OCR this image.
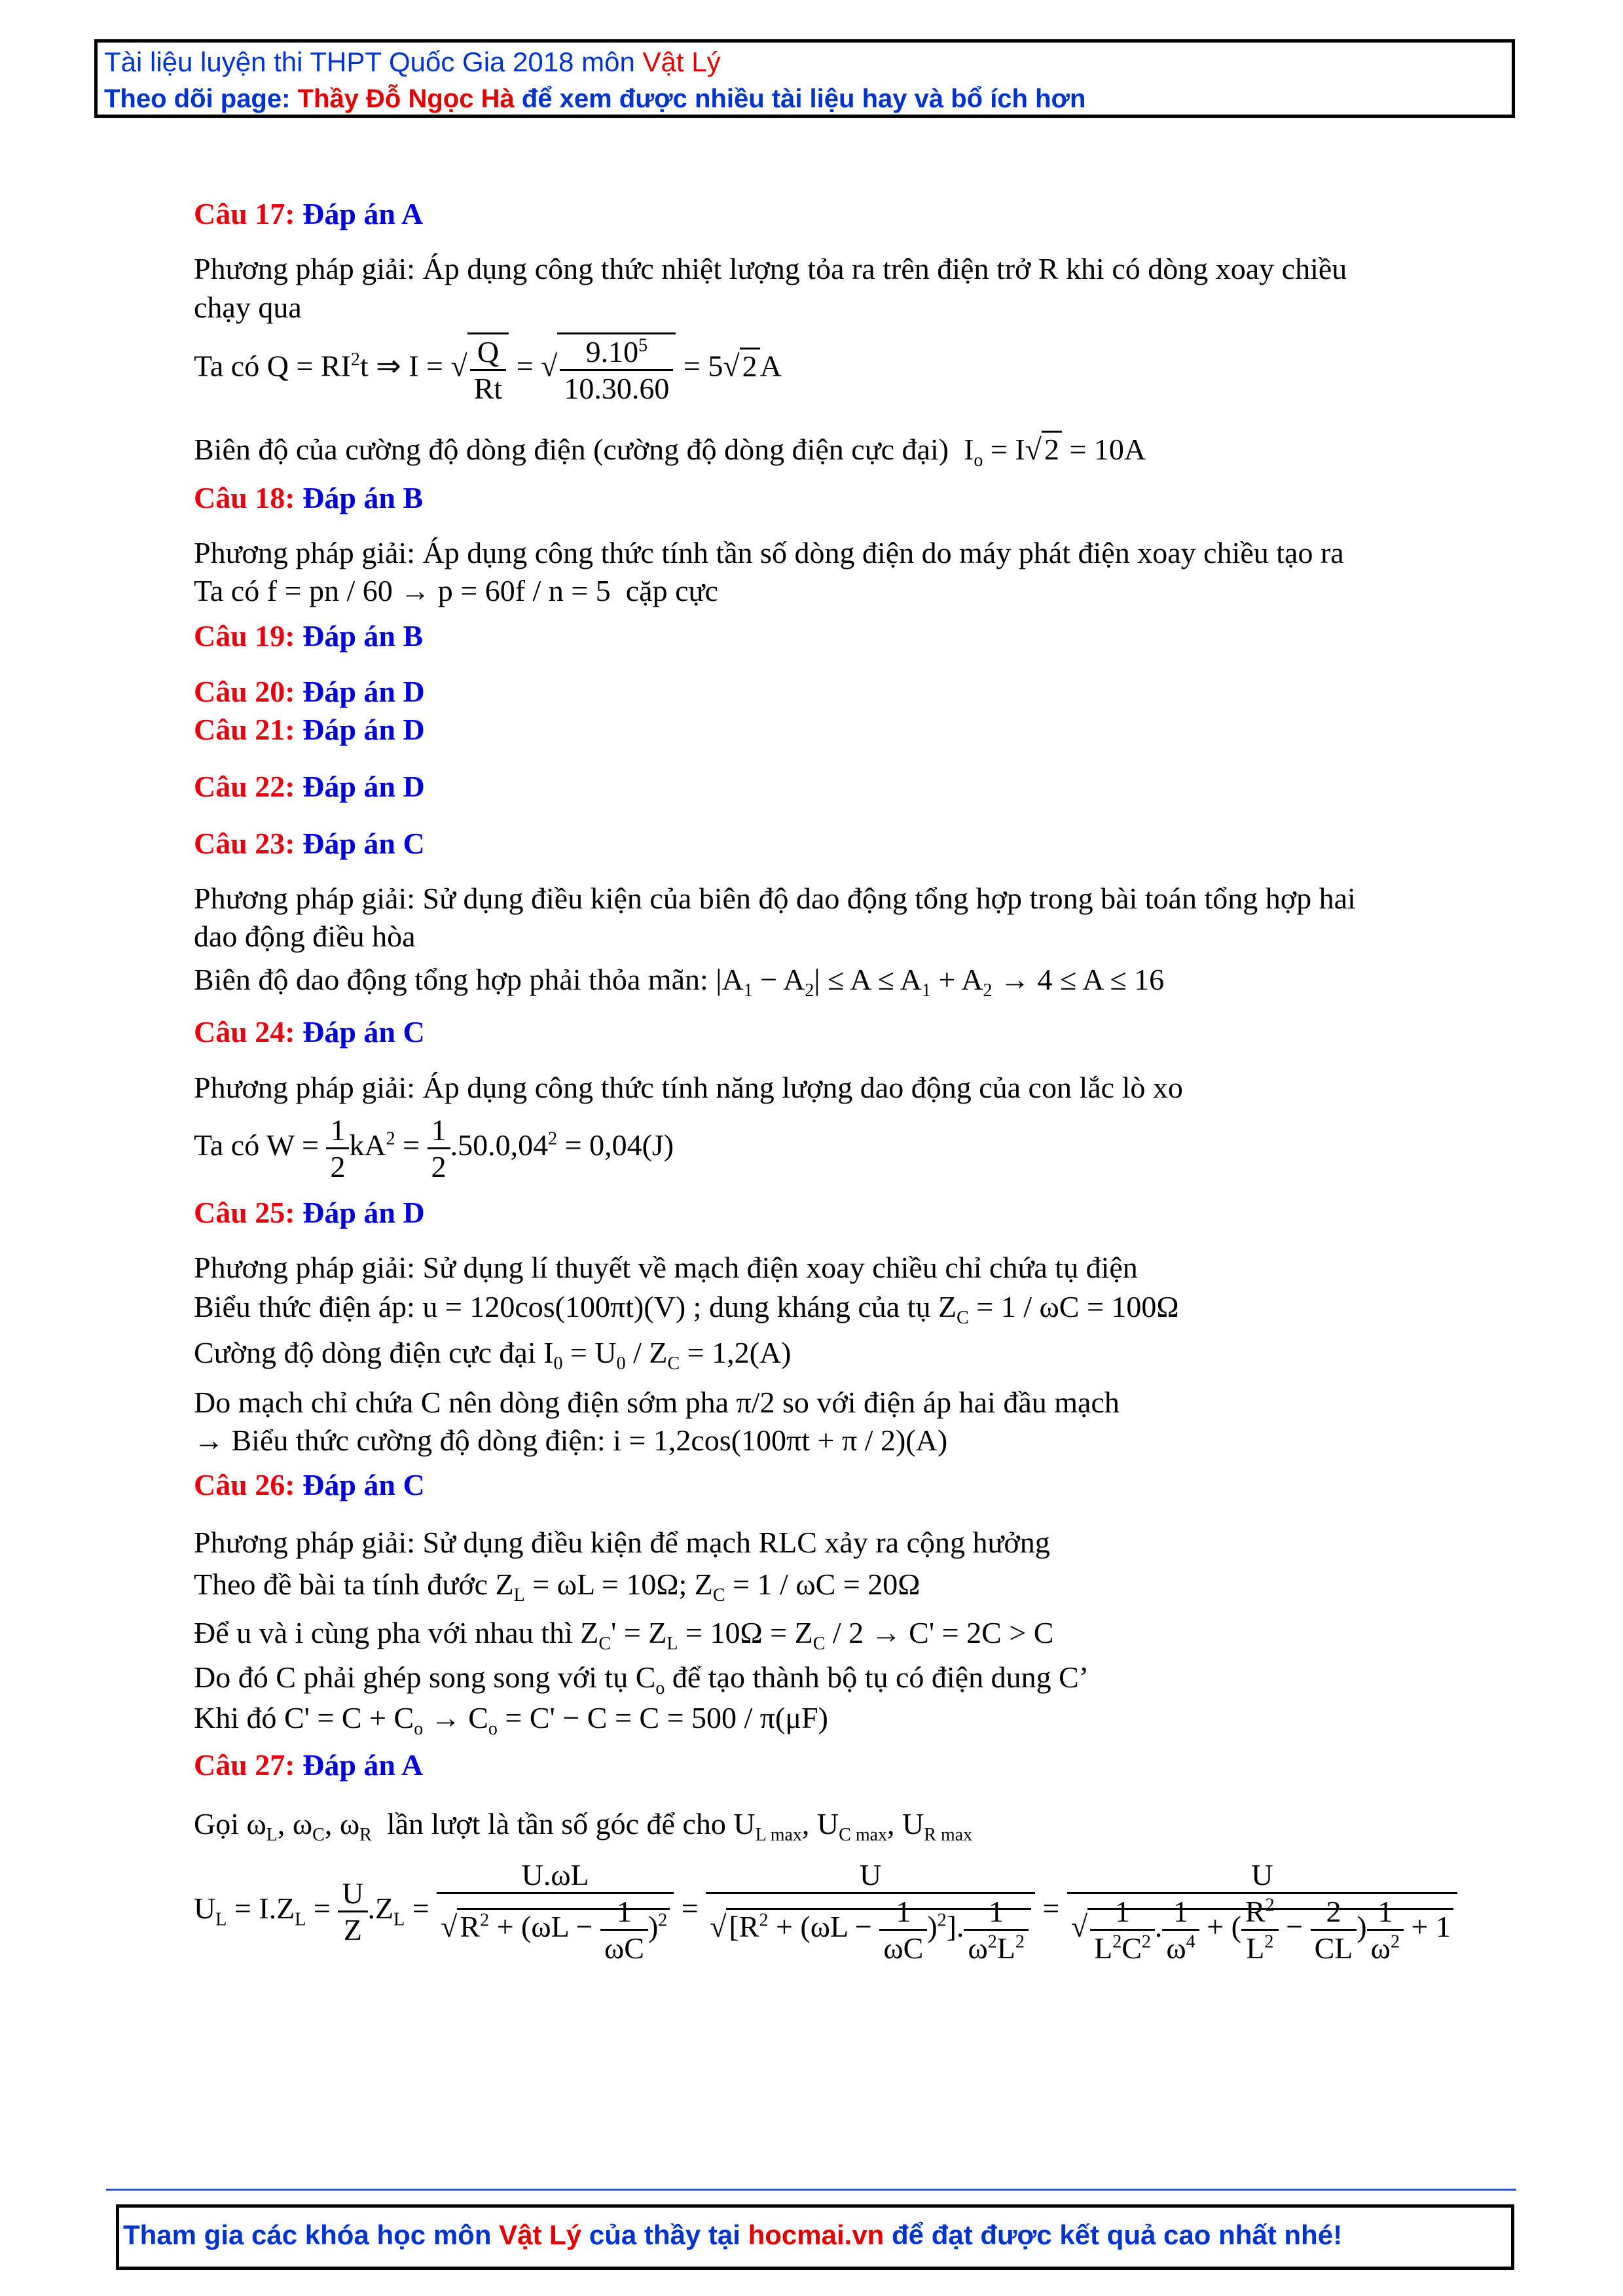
Tài liệu luyện thi THPT Quốc Gia 2018 môn Vật Lý
Theo dõi page: Thầy Đỗ Ngọc Hà để xem được nhiều tài liệu hay và bổ ích hơn
Câu 17: Đáp án A
Phương pháp giải: Áp dụng công thức nhiệt lượng tỏa ra trên điện trở R khi có dòng xoay chiều
chạy qua
Ta có $Q = RI^2t$ ⇒ I = √ $\frac{Q}{Rt}$ = √ $\frac{9.10^5}{10.30.60} = 5√2A$
Biên độ của cường độ dòng điện (cường độ dòng điện cực đại)  $I_o = I√2 = 10A$
Câu 18: Đáp án B
Phương pháp giải: Áp dụng công thức tính tần số dòng điện do máy phát điện xoay chiều tạo ra
Ta có f = pn / 60 → p = 60f / n = 5  cặp cực
Câu 19: Đáp án B
Câu 20: Đáp án D
Câu 21: Đáp án D
Câu 22: Đáp án D
Câu 23: Đáp án C
Phương pháp giải: Sử dụng điều kiện của biên độ dao động tổng hợp trong bài toán tổng hợp hai
dao động điều hòa
Biên độ dao động tổng hợp phải thỏa mãn: $|A_1 - A_2| \le A \le A_1 + A_2 \to 4 \le A \le 16$
Câu 24: Đáp án C
Phương pháp giải: Áp dụng công thức tính năng lượng dao động của con lắc lò xo
Ta có $W = \frac{1}{2} kA^2 = \frac{1}{2} .50.0,04^2 = 0,04(J)$
Câu 25: Đáp án D
Phương pháp giải: Sử dụng lí thuyết về mạch điện xoay chiều chỉ chứa tụ điện
Biểu thức điện áp: u = 120cos(100πt)(V) ; dung kháng của tụ $Z_C = 1 / \omega C = 100\Omega$
Cường độ dòng điện cực đại $I_0 = U_0 / Z_C = 1,2(A)$
Do mạch chỉ chứa C nên dòng điện sớm pha π/2 so với điện áp hai đầu mạch
→ Biểu thức cường độ dòng điện: i = 1,2cos(100πt + π / 2)(A)
Câu 26: Đáp án C
Phương pháp giải: Sử dụng điều kiện để mạch RLC xảy ra cộng hưởng
Theo đề bài ta tính đước $Z_L = \omega L = 10\Omega$; $Z_C = 1 / \omega C = 20\Omega$
Để u và i cùng pha với nhau thì $Z_C' = Z_L = 10\Omega = Z_C / 2 \to C' = 2C > C$
Do đó C phải ghép song song với tụ $C_o$ để tạo thành bộ tụ có điện dung C’
Khi đó $C' = C + C_o \to C_o = C' - C = C = 500 / \pi(\mu F)$
Câu 27: Đáp án A
Gọi $\omega_L$, $\omega_C$, $\omega_R$ lần lượt là tần số góc để cho $U_{L max}$, $U_{C max}$, $U_{R max}$
$U_L = I.Z_L = \frac{U}{Z} .Z_L = \frac{U.\omega L}{√R^2 + (\omega L - \frac{1}{\omega C} )^2} = \frac{U}{√[R^2 + (\omega L - \frac{1}{\omega C} )^2]. \frac{1}{\omega^2L^2}} = \frac{U}{√ \frac{1}{L^2C^2} . \frac{1}{\omega^4} + ( \frac{R^2}{L^2} - \frac{2}{CL} ) \frac{1}{\omega^2} + 1}$
Tham gia các khóa học môn Vật Lý của thầy tại hocmai.vn để đạt được kết quả cao nhất nhé!
